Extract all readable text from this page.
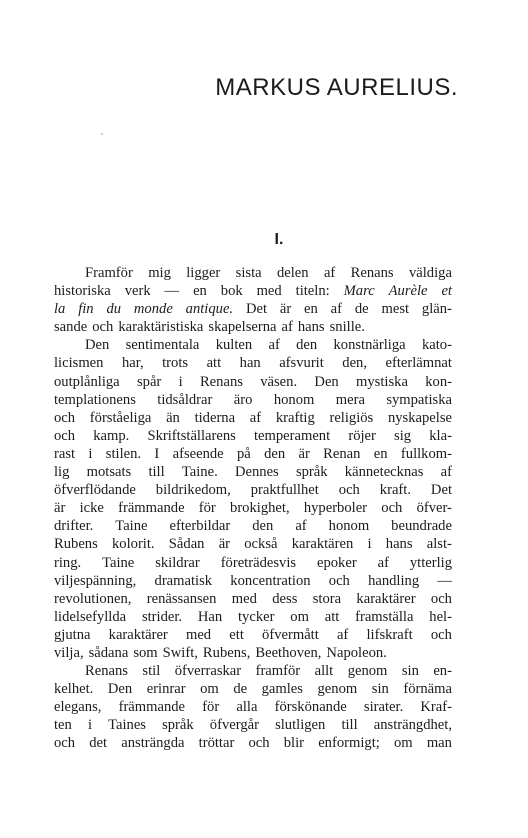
MARKUS AURELIUS.
I.
Framför mig ligger sista delen af Renans väldiga
historiska verk — en bok med titeln: Marc Aurèle et
la fin du monde antique. Det är en af de mest glän-
sande och karaktäristiska skapelserna af hans snille.
Den sentimentala kulten af den konstnärliga kato-
licismen har, trots att han afsvurit den, efterlämnat
outplånliga spår i Renans väsen. Den mystiska kon-
templationens tidsåldrar äro honom mera sympatiska
och förståeliga än tiderna af kraftig religiös nyskapelse
och kamp. Skriftställarens temperament röjer sig kla-
rast i stilen. I afseende på den är Renan en fullkom-
lig motsats till Taine. Dennes språk kännetecknas af
öfverflödande bildrikedom, praktfullhet och kraft. Det
är icke främmande för brokighet, hyperboler och öfver-
drifter. Taine efterbildar den af honom beundrade
Rubens kolorit. Sådan är också karaktären i hans alst-
ring. Taine skildrar företrädesvis epoker af ytterlig
viljespänning, dramatisk koncentration och handling —
revolutionen, renässansen med dess stora karaktärer och
lidelsefyllda strider. Han tycker om att framställa hel-
gjutna karaktärer med ett öfvermått af lifskraft och
vilja, sådana som Swift, Rubens, Beethoven, Napoleon.
Renans stil öfverraskar framför allt genom sin en-
kelhet. Den erinrar om de gamles genom sin förnäma
elegans, främmande för alla förskönande sirater. Kraf-
ten i Taines språk öfvergår slutligen till ansträngdhet,
och det ansträngda tröttar och blir enformigt; om man
